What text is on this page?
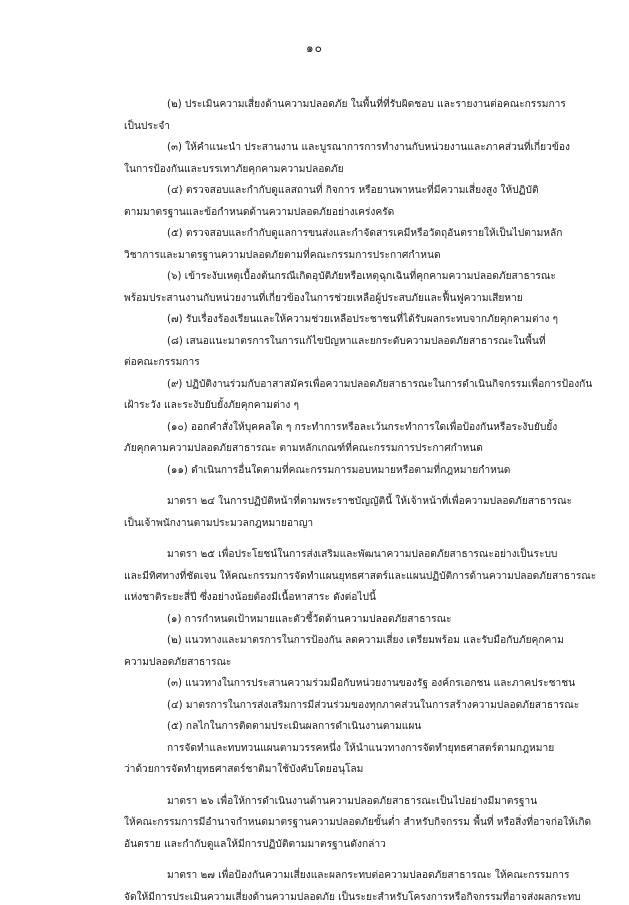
๑๐
(๒) ประเมินความเสี่ยงด้านความปลอดภัย ในพื้นที่ที่รับผิดชอบ และรายงานต่อคณะกรรมการ
เป็นประจำ
(๓) ให้คำแนะนำ ประสานงาน และบูรณาการการทำงานกับหน่วยงานและภาคส่วนที่เกี่ยวข้อง
ในการป้องกันและบรรเทาภัยคุกคามความปลอดภัย
(๔) ตรวจสอบและกำกับดูแลสถานที่ กิจการ หรือยานพาหนะที่มีความเสี่ยงสูง ให้ปฏิบัติ
ตามมาตรฐานและข้อกำหนดด้านความปลอดภัยอย่างเคร่งครัด
(๕) ตรวจสอบและกำกับดูแลการขนส่งและกำจัดสารเคมีหรือวัตถุอันตรายให้เป็นไปตามหลัก
วิชาการและมาตรฐานความปลอดภัยตามที่คณะกรรมการประกาศกำหนด
(๖) เข้าระงับเหตุเบื้องต้นกรณีเกิดอุบัติภัยหรือเหตุฉุกเฉินที่คุกคามความปลอดภัยสาธารณะ
พร้อมประสานงานกับหน่วยงานที่เกี่ยวข้องในการช่วยเหลือผู้ประสบภัยและฟื้นฟูความเสียหาย
(๗) รับเรื่องร้องเรียนและให้ความช่วยเหลือประชาชนที่ได้รับผลกระทบจากภัยคุกคามต่าง ๆ
(๘) เสนอแนะมาตรการในการแก้ไขปัญหาและยกระดับความปลอดภัยสาธารณะในพื้นที่
ต่อคณะกรรมการ
(๙) ปฏิบัติงานร่วมกับอาสาสมัครเพื่อความปลอดภัยสาธารณะในการดำเนินกิจกรรมเพื่อการป้องกัน
เฝ้าระวัง และระงับยับยั้งภัยคุกคามต่าง ๆ
(๑๐) ออกคำสั่งให้บุคคลใด ๆ กระทำการหรือละเว้นกระทำการใดเพื่อป้องกันหรือระงับยับยั้ง
ภัยคุกคามความปลอดภัยสาธารณะ ตามหลักเกณฑ์ที่คณะกรรมการประกาศกำหนด
(๑๑) ดำเนินการอื่นใดตามที่คณะกรรมการมอบหมายหรือตามที่กฎหมายกำหนด
มาตรา ๒๔ ในการปฏิบัติหน้าที่ตามพระราชบัญญัตินี้ ให้เจ้าหน้าที่เพื่อความปลอดภัยสาธารณะ
เป็นเจ้าพนักงานตามประมวลกฎหมายอาญา
มาตรา ๒๕ เพื่อประโยชน์ในการส่งเสริมและพัฒนาความปลอดภัยสาธารณะอย่างเป็นระบบ
และมีทิศทางที่ชัดเจน ให้คณะกรรมการจัดทำแผนยุทธศาสตร์และแผนปฏิบัติการด้านความปลอดภัยสาธารณะ
แห่งชาติระยะสี่ปี ซึ่งอย่างน้อยต้องมีเนื้อหาสาระ ดังต่อไปนี้
(๑) การกำหนดเป้าหมายและตัวชี้วัดด้านความปลอดภัยสาธารณะ
(๒) แนวทางและมาตรการในการป้องกัน ลดความเสี่ยง เตรียมพร้อม และรับมือกับภัยคุกคาม
ความปลอดภัยสาธารณะ
(๓) แนวทางในการประสานความร่วมมือกับหน่วยงานของรัฐ องค์กรเอกชน และภาคประชาชน
(๔) มาตรการในการส่งเสริมการมีส่วนร่วมของทุกภาคส่วนในการสร้างความปลอดภัยสาธารณะ
(๕) กลไกในการติดตามประเมินผลการดำเนินงานตามแผน
การจัดทำและทบทวนแผนตามวรรคหนึ่ง ให้นำแนวทางการจัดทำยุทธศาสตร์ตามกฎหมาย
ว่าด้วยการจัดทำยุทธศาสตร์ชาติมาใช้บังคับโดยอนุโลม
มาตรา ๒๖ เพื่อให้การดำเนินงานด้านความปลอดภัยสาธารณะเป็นไปอย่างมีมาตรฐาน
ให้คณะกรรมการมีอำนาจกำหนดมาตรฐานความปลอดภัยขั้นต่ำ สำหรับกิจกรรม พื้นที่ หรือสิ่งที่อาจก่อให้เกิด
อันตราย และกำกับดูแลให้มีการปฏิบัติตามมาตรฐานดังกล่าว
มาตรา ๒๗ เพื่อป้องกันความเสี่ยงและผลกระทบต่อความปลอดภัยสาธารณะ ให้คณะกรรมการ
จัดให้มีการประเมินความเสี่ยงด้านความปลอดภัย เป็นระยะสำหรับโครงการหรือกิจกรรมที่อาจส่งผลกระทบ
